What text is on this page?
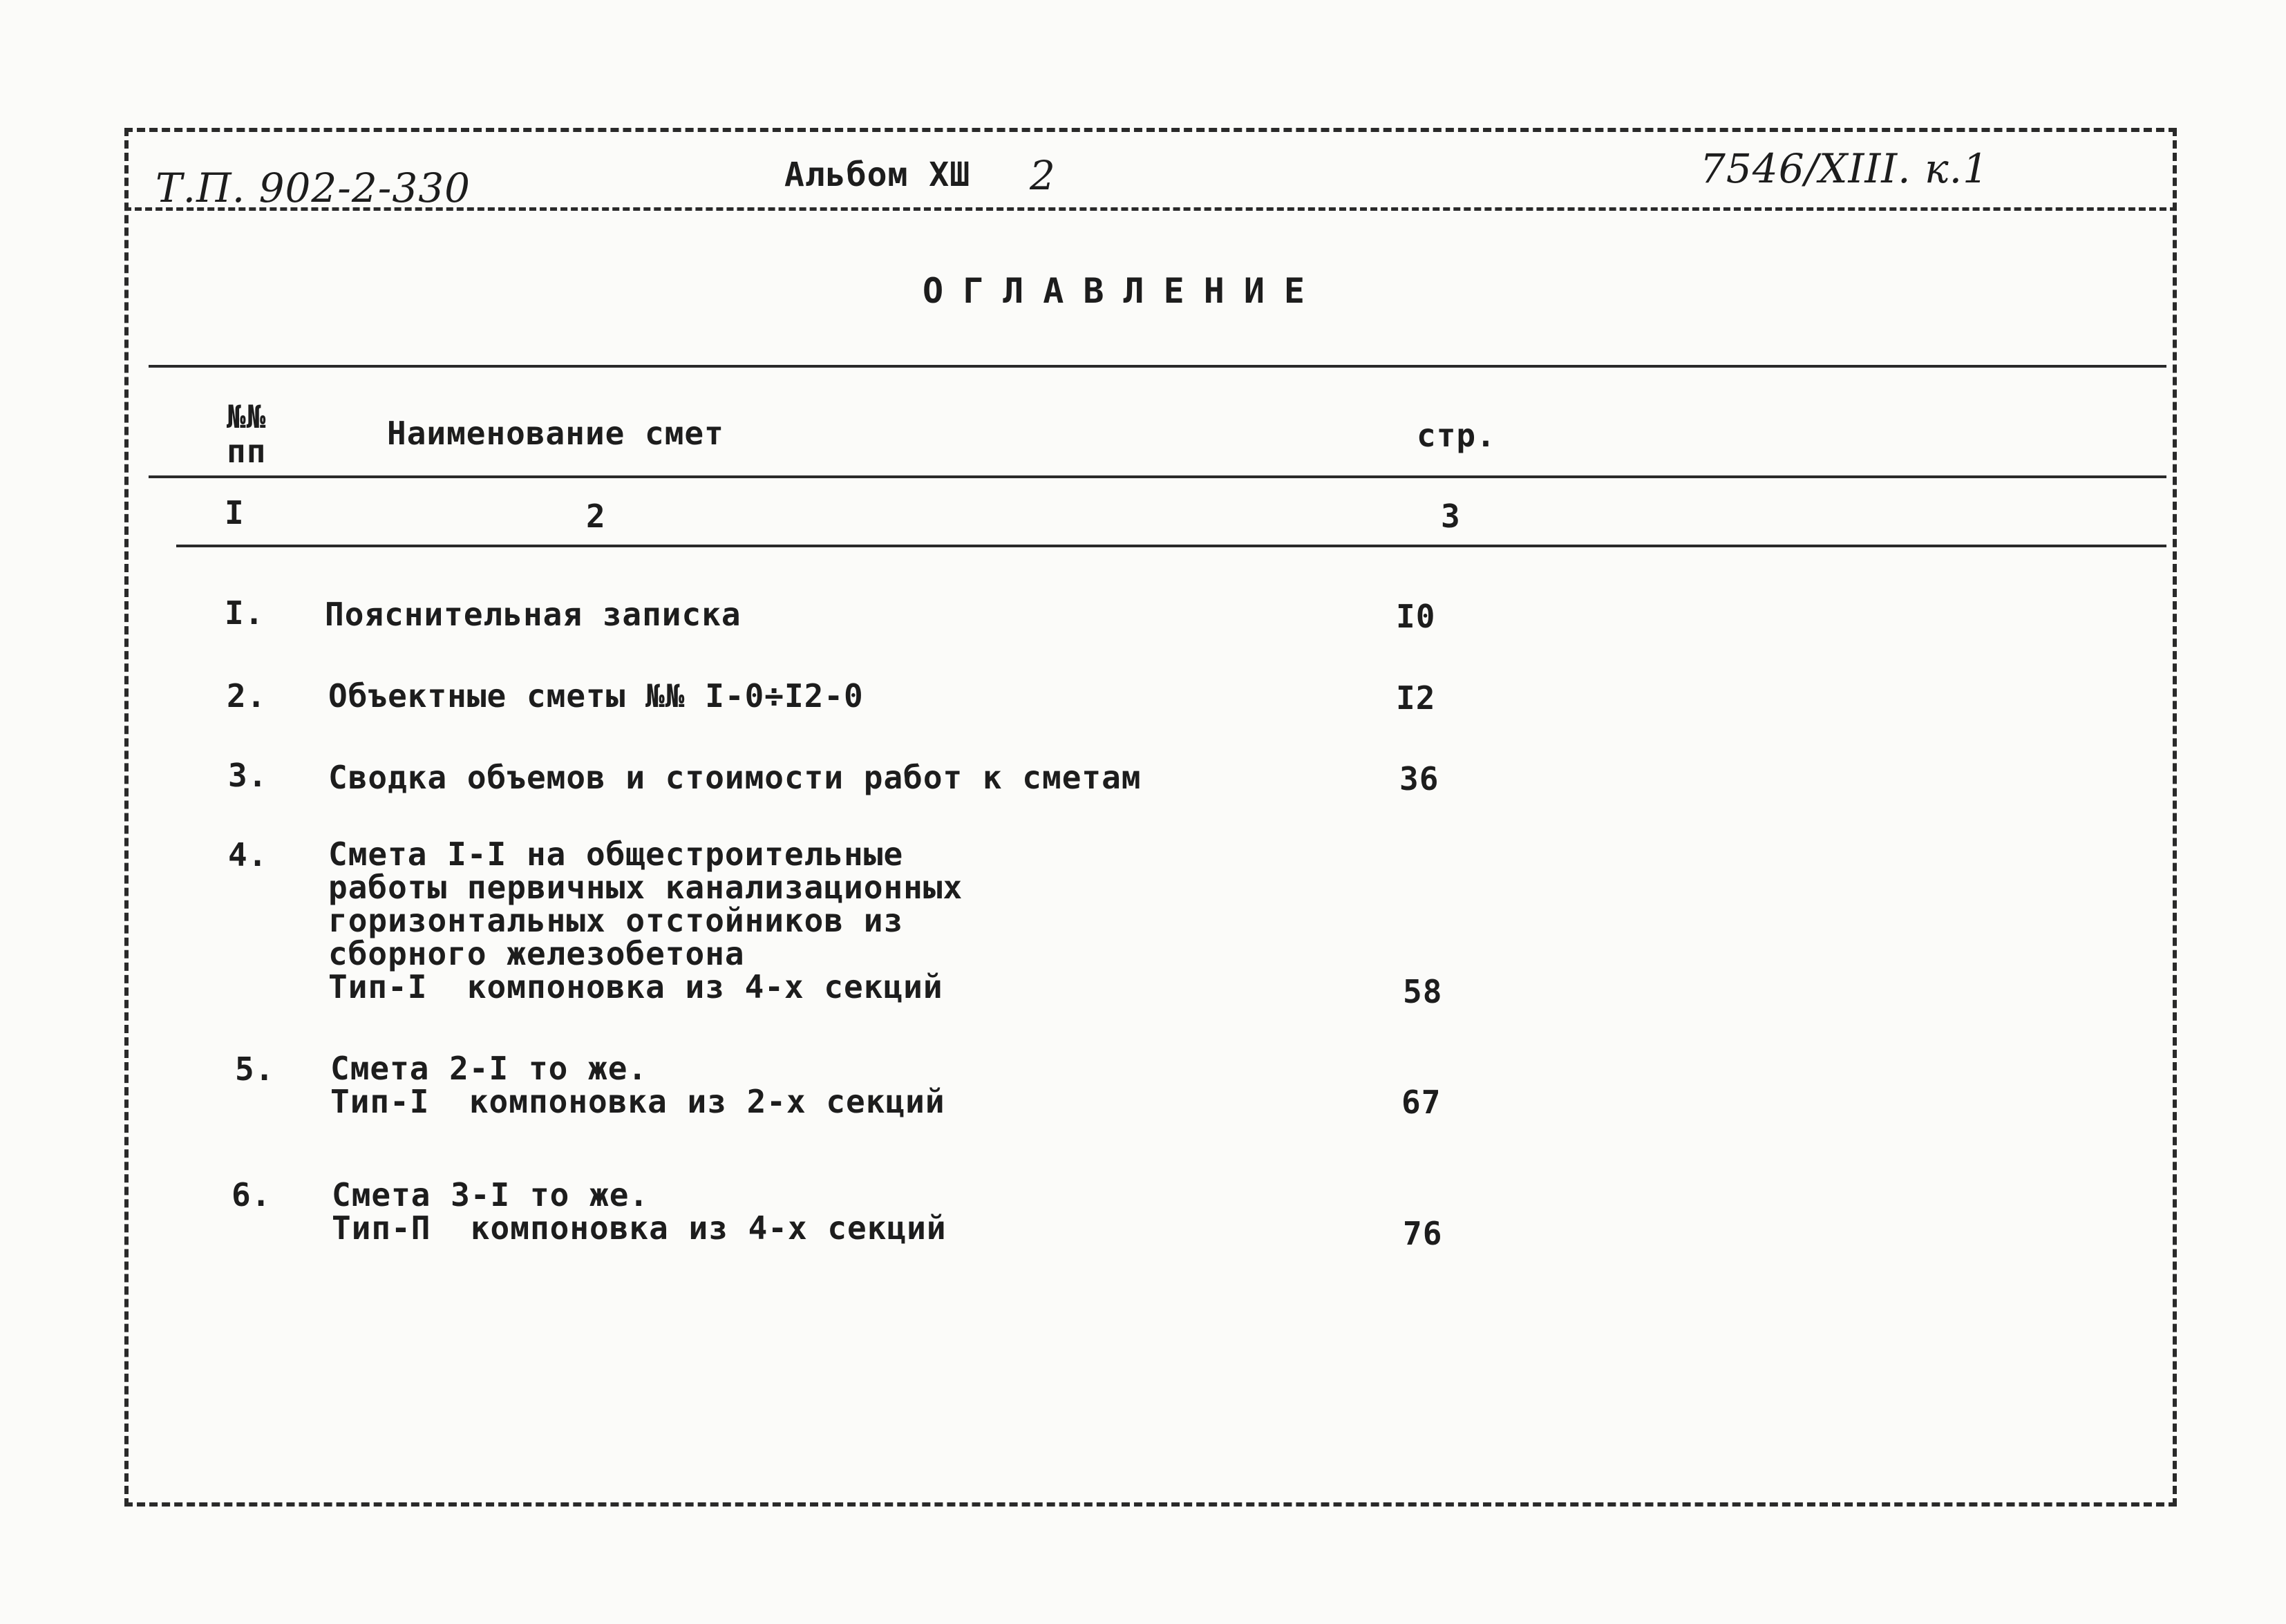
Т.П. 902-2-330	Альбом XШ 2	7546/XIII. к.1
ОГЛАВЛЕНИЕ
№№
пп	Наименование смет	стр.
I	2	3
I. Пояснительная записка	I0
2. Объектные сметы №№ I-0÷I2-0	I2
3. Сводка объемов и стоимости работ к сметам	36
4. Смета I-I на общестроительные
работы первичных канализационных
горизонтальных отстойников из
сборного железобетона
Тип-I  компоновка из 4-х секций	58
5. Смета 2-I то же.
Тип-I  компоновка из 2-х секций	67
6. Смета 3-I то же.
Тип-П  компоновка из 4-х секций	76
